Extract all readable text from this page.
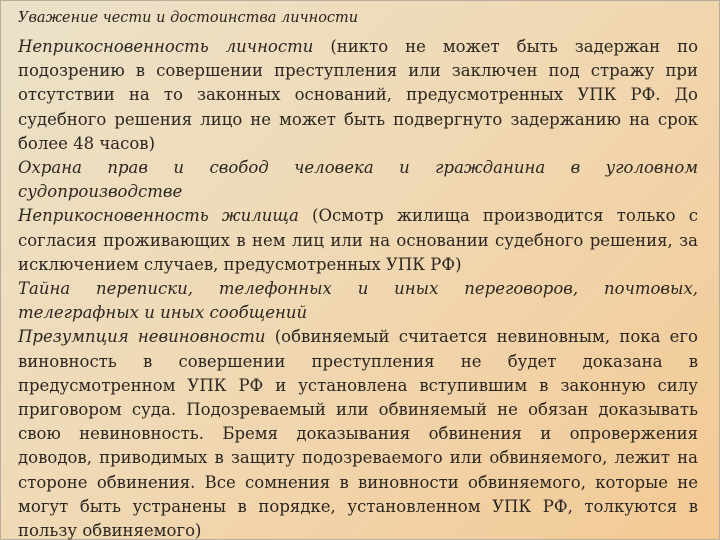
Уважение чести и достоинства личности

Неприкосновенность личности (никто не может быть задержан по подозрению в совершении преступления или заключен под стражу при отсутствии на то законных оснований, предусмотренных УПК РФ. До судебного решения лицо не может быть подвергнуто задержанию на срок более 48 часов)

Охрана прав и свобод человека и гражданина в уголовном судопроизводстве

Неприкосновенность жилища (Осмотр жилища производится только с согласия проживающих в нем лиц или на основании судебного решения, за исключением случаев, предусмотренных УПК РФ)

Тайна переписки, телефонных и иных переговоров, почтовых, телеграфных и иных сообщений

Презумпция невиновности (обвиняемый считается невиновным, пока его виновность в совершении преступления не будет доказана в предусмотренном УПК РФ и установлена вступившим в законную силу приговором суда. Подозреваемый или обвиняемый не обязан доказывать свою невиновность. Бремя доказывания обвинения и опровержения доводов, приводимых в защиту подозреваемого или обвиняемого, лежит на стороне обвинения. Все сомнения в виновности обвиняемого, которые не могут быть устранены в порядке, установленном УПК РФ, толкуются в пользу обвиняемого)
